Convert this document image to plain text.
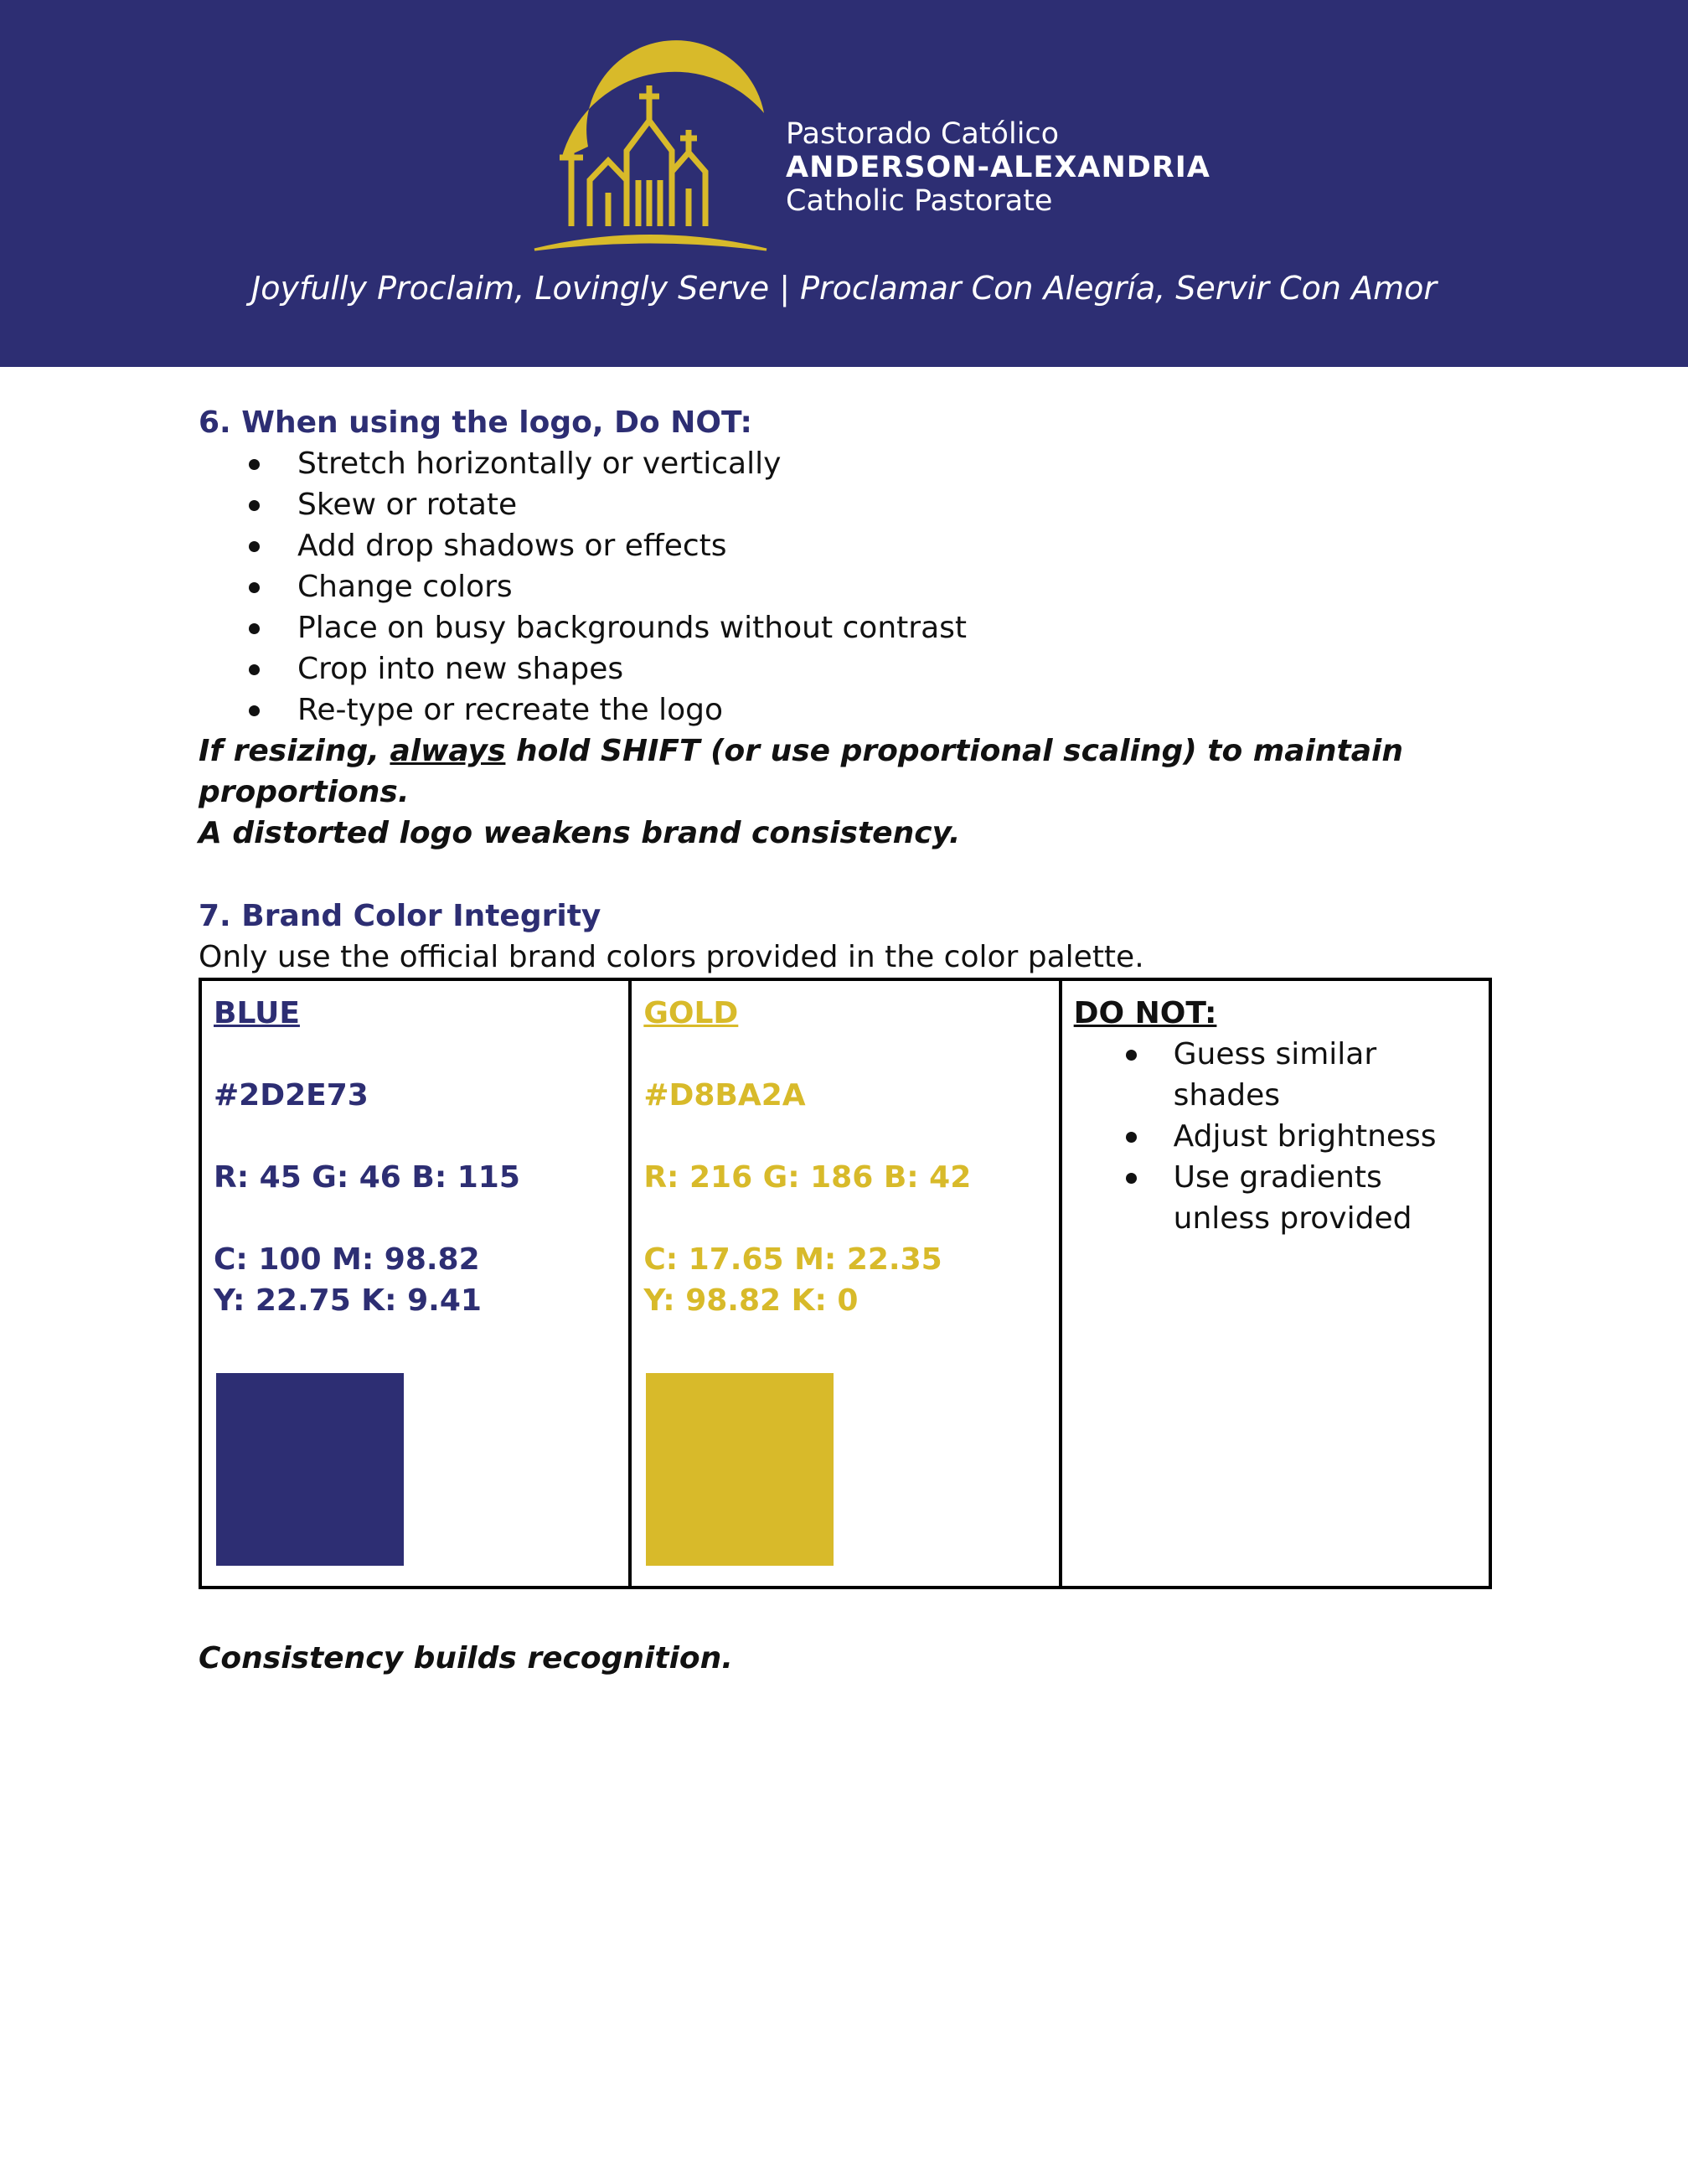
Pastorado Católico
ANDERSON-ALEXANDRIA
Catholic Pastorate
Joyfully Proclaim, Lovingly Serve | Proclamar Con Alegría, Servir Con Amor
6. When using the logo, Do NOT:
Stretch horizontally or vertically
Skew or rotate
Add drop shadows or effects
Change colors
Place on busy backgrounds without contrast
Crop into new shapes
Re-type or recreate the logo
If resizing, always hold SHIFT (or use proportional scaling) to maintain proportions.
A distorted logo weakens brand consistency.
7. Brand Color Integrity
Only use the official brand colors provided in the color palette.
BLUE
#2D2E73
R: 45 G: 46 B: 115
C: 100 M: 98.82
Y: 22.75 K: 9.41

GOLD
#D8BA2A
R: 216 G: 186 B: 42
C: 17.65 M: 22.35
Y: 98.82 K: 0

DO NOT:
Guess similar shades
Adjust brightness
Use gradients unless provided
Consistency builds recognition.
